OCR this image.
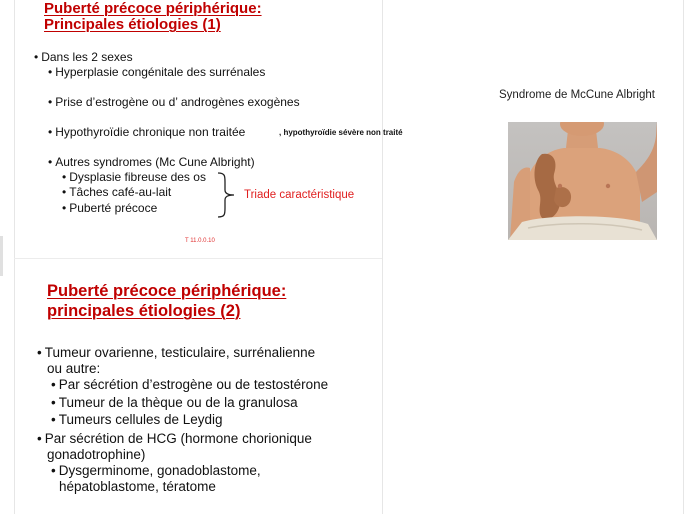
Puberté précoce périphérique:
Principales étiologies (1)
• Dans les 2 sexes
• Hyperplasie congénitale des surrénales
• Prise d’estrogène ou d’ androgènes exogènes
• Hypothyroïdie chronique non traitée	, hypothyroïdie sévère non traité
• Autres syndromes (Mc Cune Albright)
• Dysplasie fibreuse des os
• Tâches café-au-lait
• Puberté précoce
Triade caractéristique
T 11.0.0.10
Syndrome de McCune Albright
Puberté précoce périphérique:
principales étiologies (2)
• Tumeur ovarienne, testiculaire, surrénalienne
ou autre:
• Par sécrétion d’estrogène ou de testostérone
• Tumeur de la thèque ou de la granulosa
• Tumeurs cellules de Leydig
• Par sécrétion de HCG (hormone chorionique
gonadotrophine)
• Dysgerminome, gonadoblastome,
hépatoblastome, tératome
